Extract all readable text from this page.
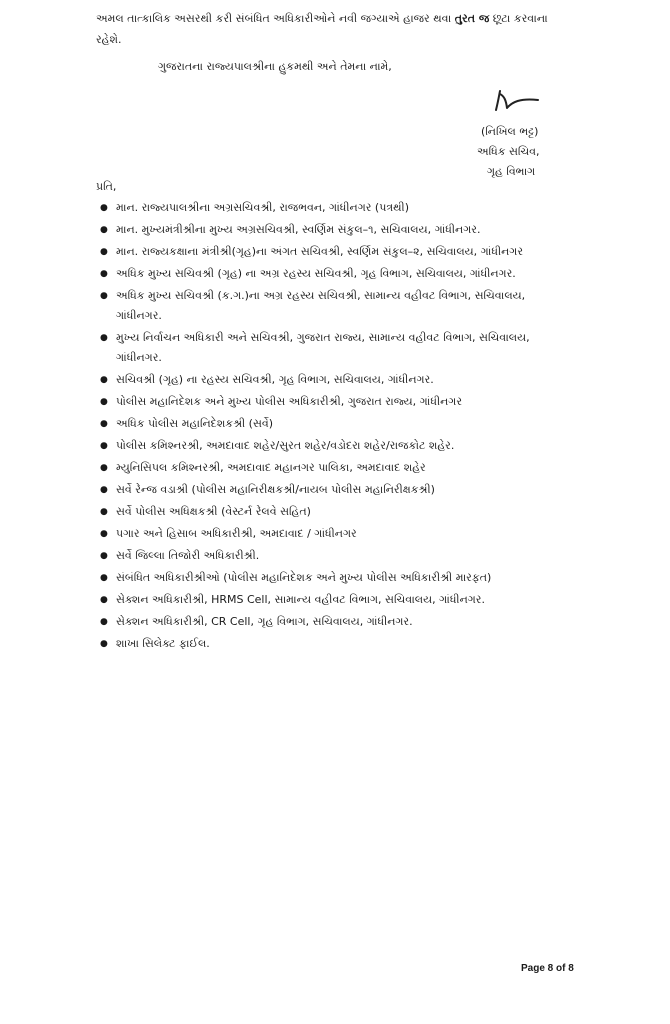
અમલ તાત્કાલિક અસરથી કરી સંબંધિત અધિકારીઓને નવી જગ્યાએ હાજર થવા તુરત જ છૂટા કરવાના રહેશે.
ગુજરાતના રાજ્યપાલશ્રીના હુકમથી અને તેમના નામે,
(નિખિલ ભટ્ટ)
અધિક સચિવ,
ગૃહ વિભાગ
પ્રતિ,
● માન. રાજ્યપાલશ્રીના અગ્રસચિવશ્રી, રાજભવન, ગાંધીનગર (પત્રથી)
● માન. મુખ્યમંત્રીશ્રીના મુખ્ય અગ્રસચિવશ્રી, સ્વર્ણિમ સંકુલ–૧, સચિવાલય, ગાંધીનગર.
● માન. રાજ્યકક્ષાના મંત્રીશ્રી(ગૃહ)ના અંગત સચિવશ્રી, સ્વર્ણિમ સંકુલ–૨, સચિવાલય, ગાંધીનગર
● અધિક મુખ્ય સચિવશ્રી (ગૃહ) ના અગ્ર રહસ્ય સચિવશ્રી, ગૃહ વિભાગ, સચિવાલય, ગાંધીનગર.
● અધિક મુખ્ય સચિવશ્રી (ક.ગ.)ના અગ્ર રહસ્ય સચિવશ્રી, સામાન્ય વહીવટ વિભાગ, સચિવાલય, ગાંધીનગર.
● મુખ્ય નિર્વાચન અધિકારી અને સચિવશ્રી, ગુજરાત રાજ્ય, સામાન્ય વહીવટ વિભાગ, સચિવાલય, ગાંધીનગર.
● સચિવશ્રી (ગૃહ) ના રહસ્ય સચિવશ્રી, ગૃહ વિભાગ, સચિવાલય, ગાંધીનગર.
● પોલીસ મહાનિદેશક અને મુખ્ય પોલીસ અધિકારીશ્રી, ગુજરાત રાજ્ય, ગાંધીનગર
● અધિક પોલીસ મહાનિદેશકશ્રી (સર્વે)
● પોલીસ કમિશ્નરશ્રી, અમદાવાદ શહેર/સુરત શહેર/વડોદરા શહેર/રાજકોટ શહેર.
● મ્યુનિસિપલ કમિશ્નરશ્રી, અમદાવાદ મહાનગર પાલિકા, અમદાવાદ શહેર
● સર્વે રેન્જ વડાશ્રી (પોલીસ મહાનિરીક્ષકશ્રી/નાયબ પોલીસ મહાનિરીક્ષકશ્રી)
● સર્વે પોલીસ અધિક્ષકશ્રી (વેસ્ટર્ન રેલવે સહિત)
● પગાર અને હિસાબ અધિકારીશ્રી, અમદાવાદ / ગાંધીનગર
● સર્વે જિલ્લા તિજોરી અધિકારીશ્રી.
● સંબંધિત અધિકારીશ્રીઓ (પોલીસ મહાનિદેશક અને મુખ્ય પોલીસ અધિકારીશ્રી મારફત)
● સેક્શન અધિકારીશ્રી, HRMS Cell, સામાન્ય વહીવટ વિભાગ, સચિવાલય, ગાંધીનગર.
● સેક્શન અધિકારીશ્રી, CR Cell, ગૃહ વિભાગ, સચિવાલય, ગાંધીનગર.
● શાખા સિલેક્ટ ફાઈલ.
Page 8 of 8
